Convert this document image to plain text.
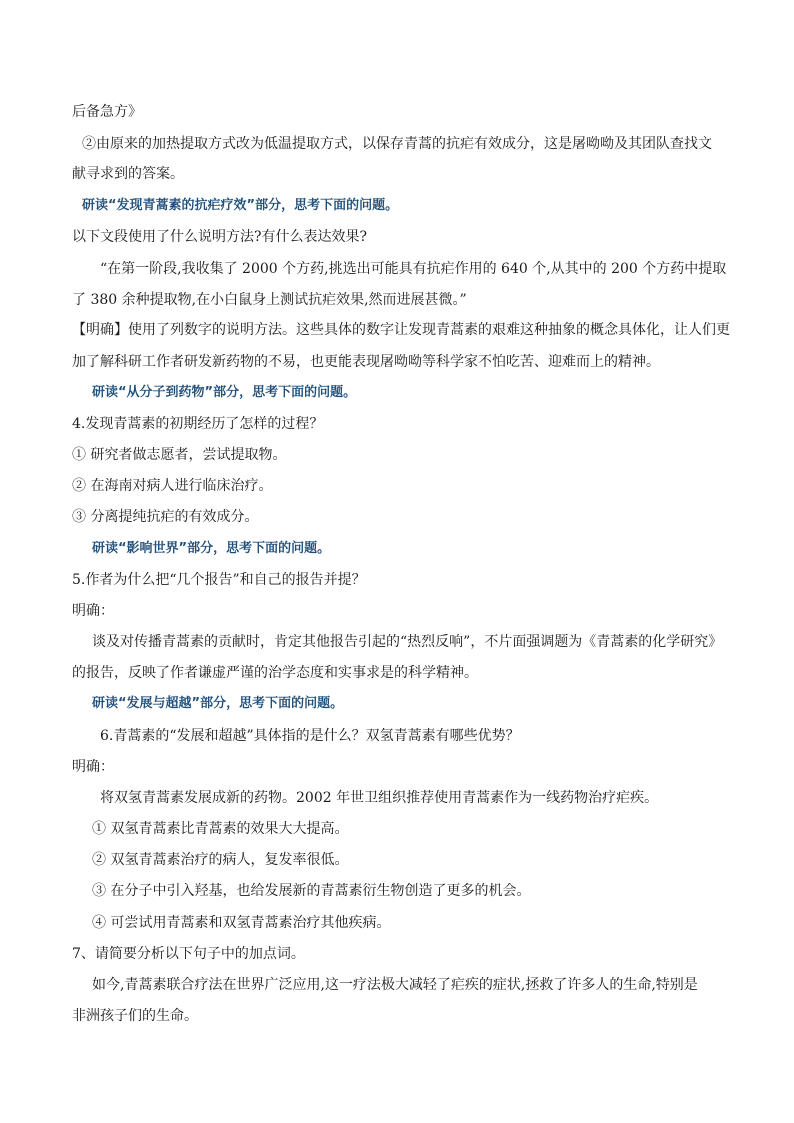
后备急方》
②由原来的加热提取方式改为低温提取方式，以保存青蒿的抗疟有效成分，这是屠呦呦及其团队查找文
献寻求到的答案。
研读“发现青蒿素的抗疟疗效”部分，思考下面的问题。
以下文段使用了什么说明方法?有什么表达效果?
“在第一阶段,我收集了 2000 个方药,挑选出可能具有抗疟作用的 640 个,从其中的 200 个方药中提取
了 380 余种提取物,在小白鼠身上测试抗疟效果,然而进展甚微。”
【明确】使用了列数字的说明方法。这些具体的数字让发现青蒿素的艰难这种抽象的概念具体化，让人们更
加了解科研工作者研发新药物的不易，也更能表现屠呦呦等科学家不怕吃苦、迎难而上的精神。
研读“从分子到药物”部分，思考下面的问题。
4.发现青蒿素的初期经历了怎样的过程？
① 研究者做志愿者，尝试提取物。
② 在海南对病人进行临床治疗。
③ 分离提纯抗疟的有效成分。
研读“影响世界”部分，思考下面的问题。
5.作者为什么把“几个报告”和自己的报告并提？
明确：
谈及对传播青蒿素的贡献时，肯定其他报告引起的“热烈反响”，不片面强调题为《青蒿素的化学研究》
的报告，反映了作者谦虚严谨的治学态度和实事求是的科学精神。
研读“发展与超越”部分，思考下面的问题。
6.青蒿素的“发展和超越”具体指的是什么？双氢青蒿素有哪些优势？
明确：
将双氢青蒿素发展成新的药物。2002 年世卫组织推荐使用青蒿素作为一线药物治疗疟疾。
① 双氢青蒿素比青蒿素的效果大大提高。
② 双氢青蒿素治疗的病人，复发率很低。
③ 在分子中引入羟基，也给发展新的青蒿素衍生物创造了更多的机会。
④ 可尝试用青蒿素和双氢青蒿素治疗其他疾病。
7、请简要分析以下句子中的加点词。
如今,青蒿素联合疗法在世界广泛应用,这一疗法极大减轻了疟疾的症状,拯救了许多人的生命,特别是
非洲孩子们的生命。
